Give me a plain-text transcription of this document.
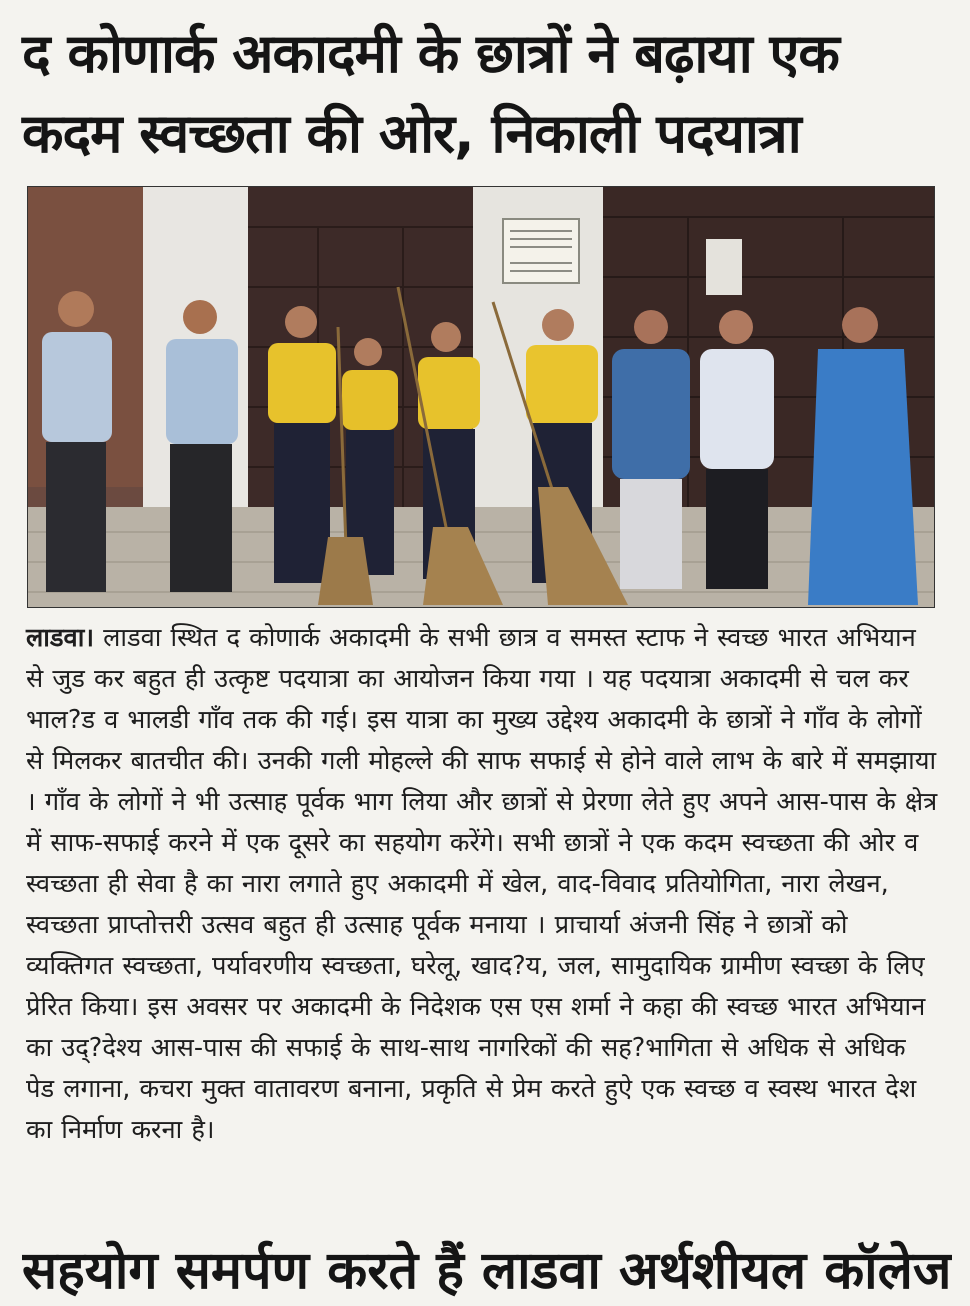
द कोणार्क अकादमी के छात्रों ने बढ़ाया एक कदम स्वच्छता की ओर, निकाली पदयात्रा

लाडवा। लाडवा स्थित द कोणार्क अकादमी के सभी छात्र व समस्त स्टाफ ने स्वच्छ भारत अभियान से जुड कर बहुत ही उत्कृष्ट पदयात्रा का आयोजन किया गया । यह पदयात्रा अकादमी से चल कर भाल?ड व भालडी गाँव तक की गई। इस यात्रा का मुख्य उद्देश्य अकादमी के छात्रों ने गाँव के लोगों से मिलकर बातचीत की। उनकी गली मोहल्ले की साफ सफाई से होने वाले लाभ के बारे में समझाया । गाँव के लोगों ने भी उत्साह पूर्वक भाग लिया और छात्रों से प्रेरणा लेते हुए अपने आस-पास के क्षेत्र में साफ-सफाई करने में एक दूसरे का सहयोग करेंगे। सभी छात्रों ने एक कदम स्वच्छता की ओर व स्वच्छता ही सेवा है का नारा लगाते हुए अकादमी में खेल, वाद-विवाद प्रतियोगिता, नारा लेखन, स्वच्छता प्राप्तोत्तरी उत्सव बहुत ही उत्साह पूर्वक मनाया । प्राचार्या अंजनी सिंह ने छात्रों को व्यक्तिगत स्वच्छता, पर्यावरणीय स्वच्छता, घरेलू, खाद?य, जल, सामुदायिक ग्रामीण स्वच्छा के लिए प्रेरित किया। इस अवसर पर अकादमी के निदेशक एस एस शर्मा ने कहा की स्वच्छ भारत अभियान का उद्?देश्य आस-पास की सफाई के साथ-साथ नागरिकों की सह?भागिता से अधिक से अधिक पेड लगाना, कचरा मुक्त वातावरण बनाना, प्रकृति से प्रेम करते हुऐ एक स्वच्छ व स्वस्थ भारत देश का निर्माण करना है।

सहयोग समर्पण करते हैं लाडवा अर्थशीयल कॉलेज
